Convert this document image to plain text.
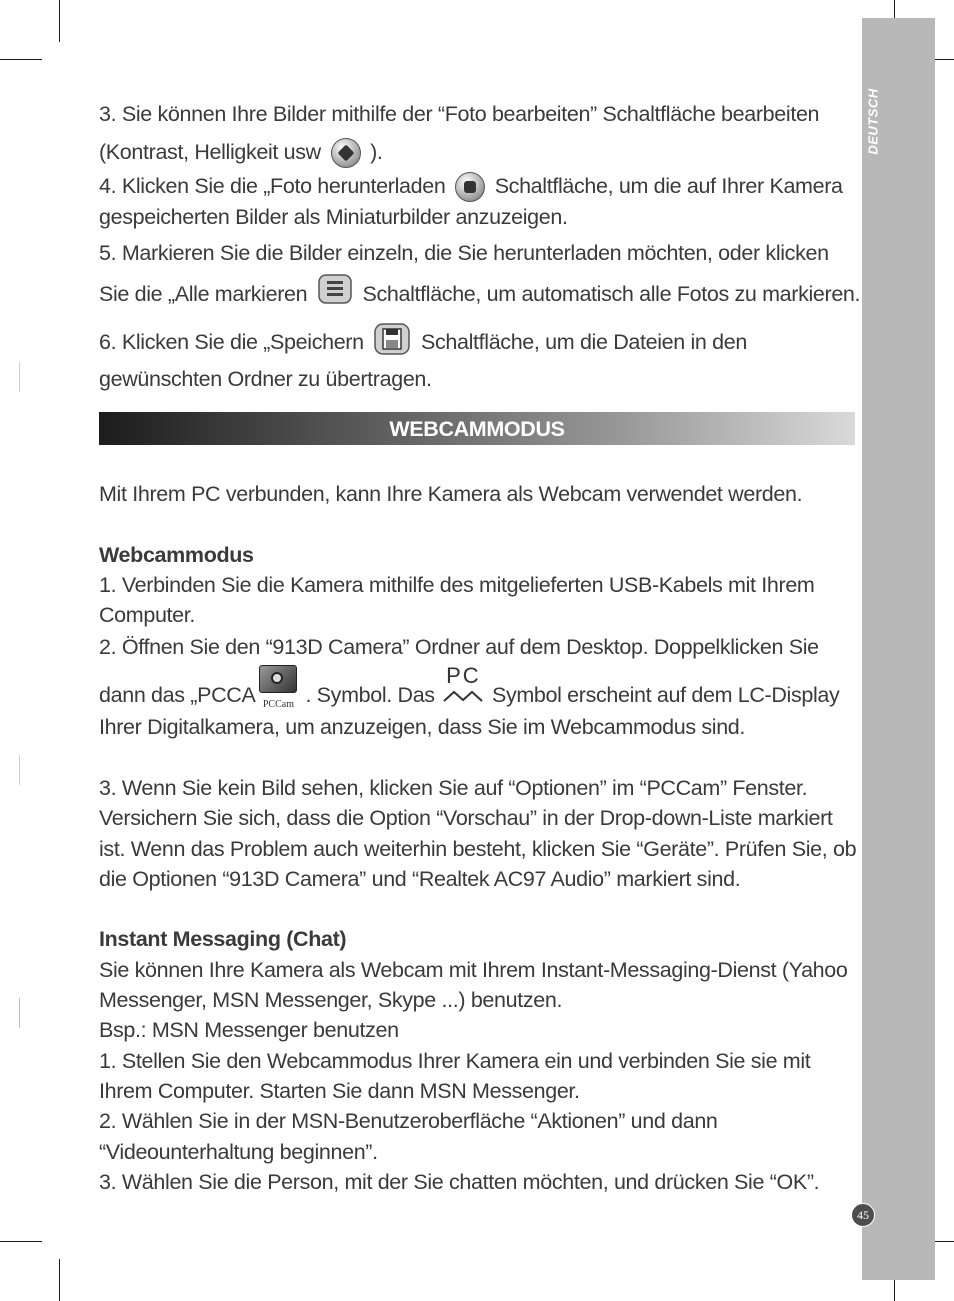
DEUTSCH

3. Sie können Ihre Bilder mithilfe der “Foto bearbeiten” Schaltfläche bearbeiten (Kontrast, Helligkeit usw ).

4. Klicken Sie die „Foto herunterladen Schaltfläche, um die auf Ihrer Kamera gespeicherten Bilder als Miniaturbilder anzuzeigen.

5. Markieren Sie die Bilder einzeln, die Sie herunterladen möchten, oder klicken Sie die „Alle markieren	Schaltfläche, um automatisch alle Fotos zu markieren.

6. Klicken Sie die „Speichern	Schaltfläche, um die Dateien in den gewünschten Ordner zu übertragen.

WEBCAMMODUS

Mit Ihrem PC verbunden, kann Ihre Kamera als Webcam verwendet werden.

Webcammodus

1. Verbinden Sie die Kamera mithilfe des mitgelieferten USB-Kabels mit Ihrem Computer.

2. Öffnen Sie den “913D Camera” Ordner auf dem Desktop. Doppelklicken Sie dann das „PCCA PCCam . Symbol. Das
PC
Symbol erscheint auf dem LC-Display Ihrer Digitalkamera, um anzuzeigen, dass Sie im Webcammodus sind.

3. Wenn Sie kein Bild sehen, klicken Sie auf “Optionen” im “PCCam” Fenster. Versichern Sie sich, dass die Option “Vorschau” in der Drop-down-Liste markiert ist. Wenn das Problem auch weiterhin besteht, klicken Sie “Geräte”. Prüfen Sie, ob die Optionen “913D Camera” und “Realtek AC97 Audio” markiert sind.

Instant Messaging (Chat)

Sie können Ihre Kamera als Webcam mit Ihrem Instant-Messaging-Dienst (Yahoo Messenger, MSN Messenger, Skype ...) benutzen.

Bsp.: MSN Messenger benutzen

1. Stellen Sie den Webcammodus Ihrer Kamera ein und verbinden Sie sie mit Ihrem Computer. Starten Sie dann MSN Messenger.

2. Wählen Sie in der MSN-Benutzeroberfläche “Aktionen” und dann “Videounterhaltung beginnen”.

3. Wählen Sie die Person, mit der Sie chatten möchten, und drücken Sie “OK”.

45
